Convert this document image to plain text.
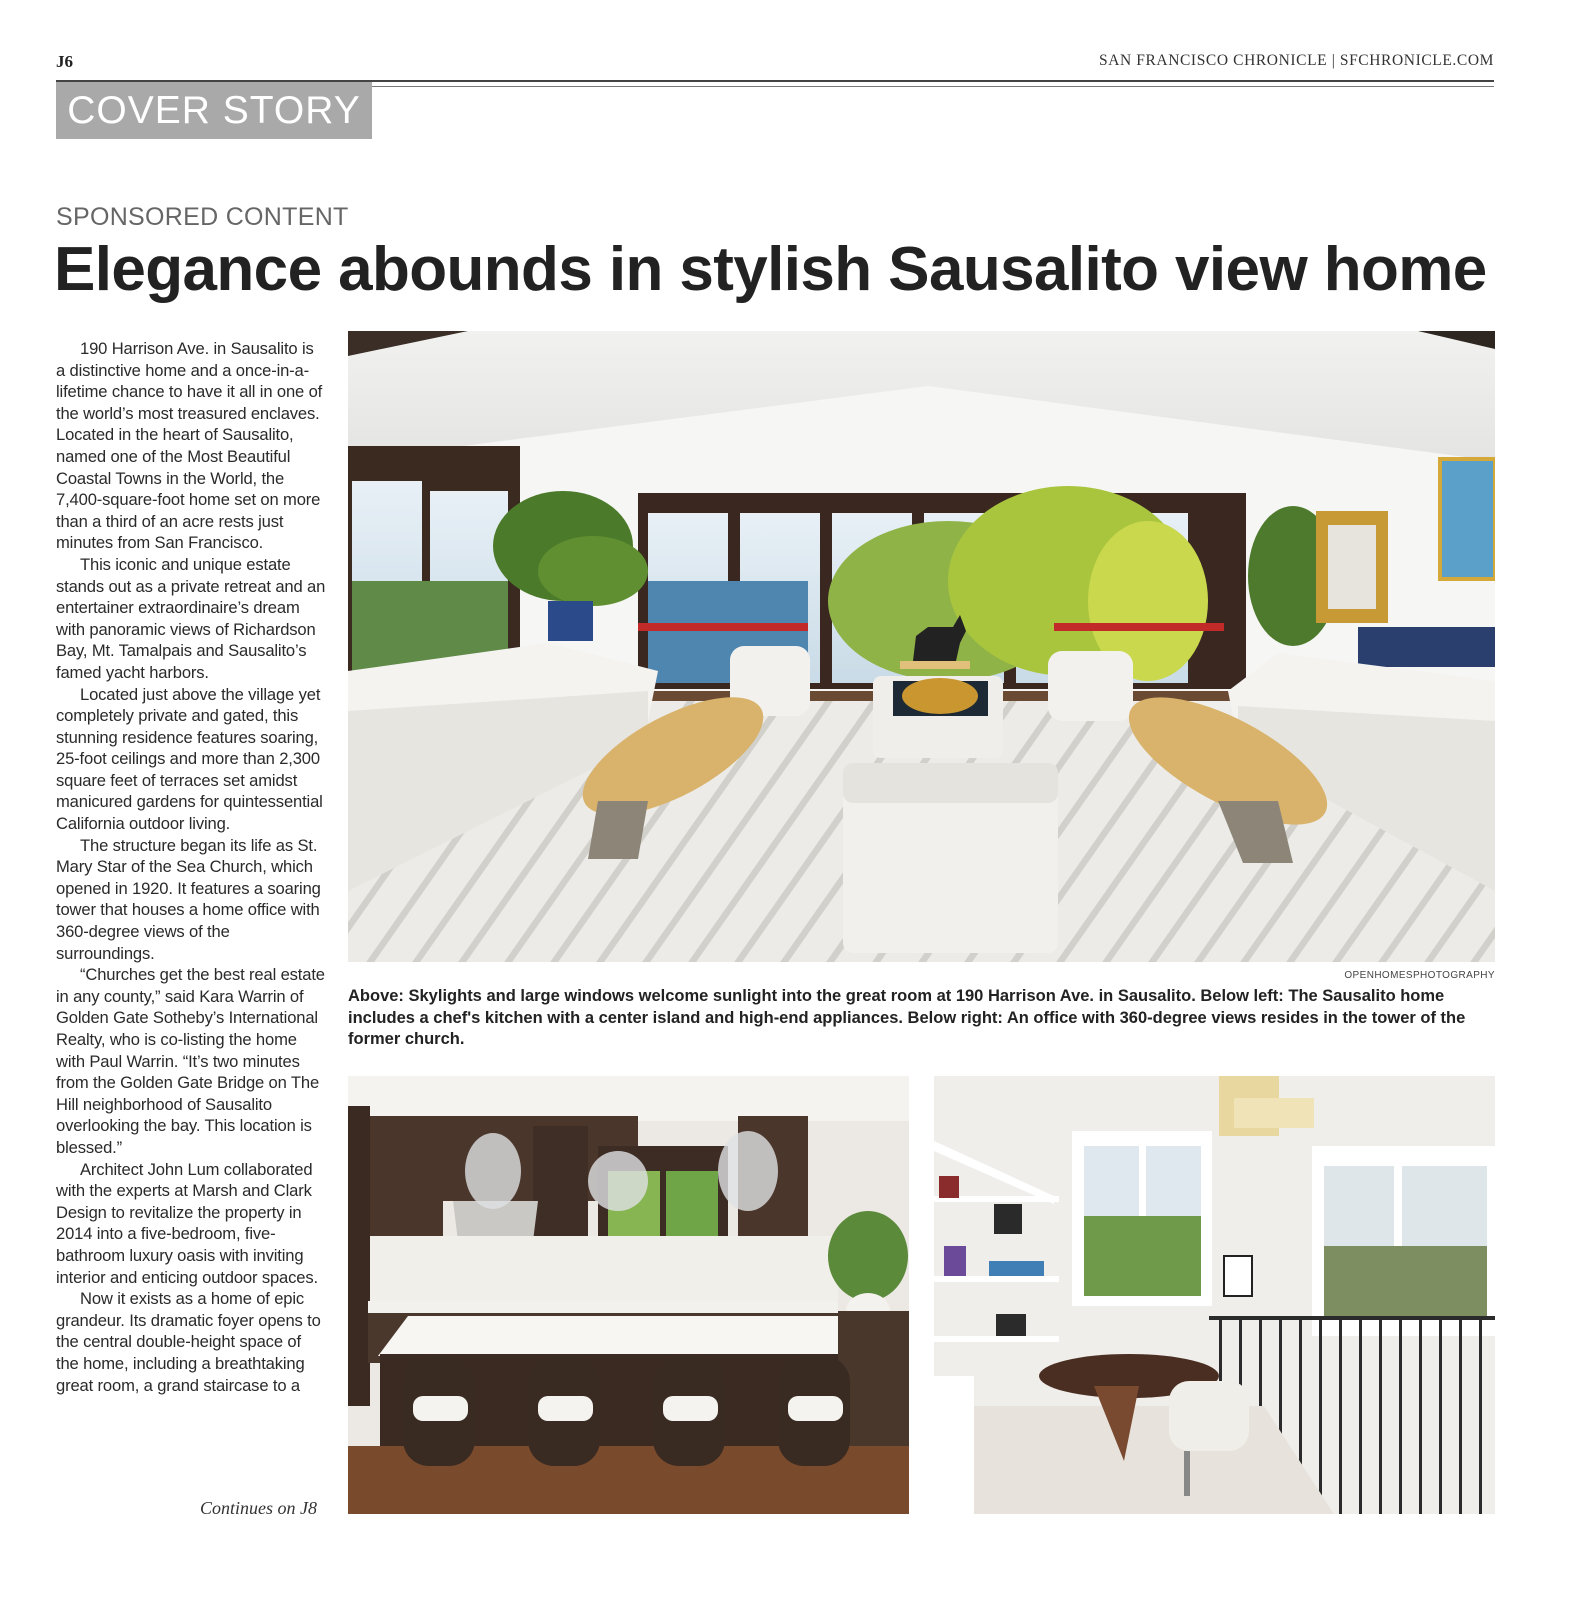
J6	SAN FRANCISCO CHRONICLE | SFCHRONICLE.COM
COVER STORY
SPONSORED CONTENT
Elegance abounds in stylish Sausalito view home

190 Harrison Ave. in Sausalito is a distinctive home and a once-in-a-lifetime chance to have it all in one of the world’s most treasured enclaves. Located in the heart of Sausalito, named one of the Most Beautiful Coastal Towns in the World, the 7,400-square-foot home set on more than a third of an acre rests just minutes from San Francisco.

This iconic and unique estate stands out as a private retreat and an entertainer extraordinaire’s dream with panoramic views of Richardson Bay, Mt. Tamalpais and Sausalito’s famed yacht harbors.

Located just above the village yet completely private and gated, this stunning residence features soaring, 25-foot ceilings and more than 2,300 square feet of terraces set amidst manicured gardens for quintessential California outdoor living.

The structure began its life as St. Mary Star of the Sea Church, which opened in 1920. It features a soaring tower that houses a home office with 360-degree views of the surroundings.

“Churches get the best real estate in any county,” said Kara Warrin of Golden Gate Sotheby’s International Realty, who is co-listing the home with Paul Warrin. “It’s two minutes from the Golden Gate Bridge on The Hill neighborhood of Sausalito overlooking the bay. This location is blessed.”

Architect John Lum collaborated with the experts at Marsh and Clark Design to revitalize the property in 2014 into a five-bedroom, five-bathroom luxury oasis with inviting interior and enticing outdoor spaces.

Now it exists as a home of epic grandeur. Its dramatic foyer opens to the central double-height space of the home, including a breathtaking great room, a grand staircase to a

Continues on J8
OPENHOMESPHOTOGRAPHY
Above: Skylights and large windows welcome sunlight into the great room at 190 Harrison Ave. in Sausalito. Below left: The Sausalito home includes a chef's kitchen with a center island and high-end appliances. Below right: An office with 360-degree views resides in the tower of the former church.
